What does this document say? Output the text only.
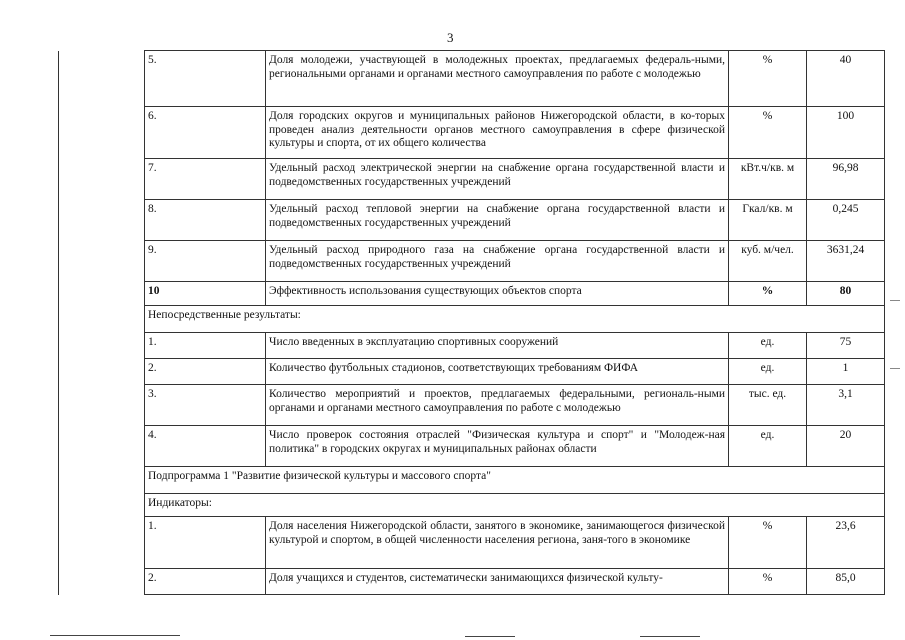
3
	5.	Доля молодежи, участвующей в молодежных проектах, предлагаемых федераль-ными, региональными органами и органами местного самоуправления по работе с молодежью	%	40
	6.	Доля городских округов и муниципальных районов Нижегородской области, в ко-торых проведен анализ деятельности органов местного самоуправления в сфере физической культуры и спорта, от их общего количества	%	100
	7.	Удельный расход электрической энергии на снабжение органа государственной власти и подведомственных государственных учреждений	кВт.ч/кв. м	96,98
	8.	Удельный расход тепловой энергии на снабжение органа государственной власти и подведомственных государственных учреждений	Гкал/кв. м	0,245
	9.	Удельный расход природного газа на снабжение органа государственной власти и подведомственных государственных учреждений	куб. м/чел.	3631,24
	10	Эффективность использования существующих объектов спорта	%	80
	Непосредственные результаты:			
	1.	Число введенных в эксплуатацию спортивных сооружений	ед.	75
	2.	Количество футбольных стадионов, соответствующих требованиям ФИФА	ед.	1
	3.	Количество мероприятий и проектов, предлагаемых федеральными, региональ-ными органами и органами местного самоуправления по работе с молодежью	тыс. ед.	3,1
	4.	Число проверок состояния отраслей "Физическая культура и спорт" и "Молодеж-ная политика" в городских округах и муниципальных районах области	ед.	20
	Подпрограмма 1 "Развитие физической культуры и массового спорта"			
	Индикаторы:			
	1.	Доля населения Нижегородской области, занятого в экономике, занимающегося физической культурой и спортом, в общей численности населения региона, заня-того в экономике	%	23,6
	2.	Доля учащихся и студентов, систематически занимающихся физической культу-	%	85,0
